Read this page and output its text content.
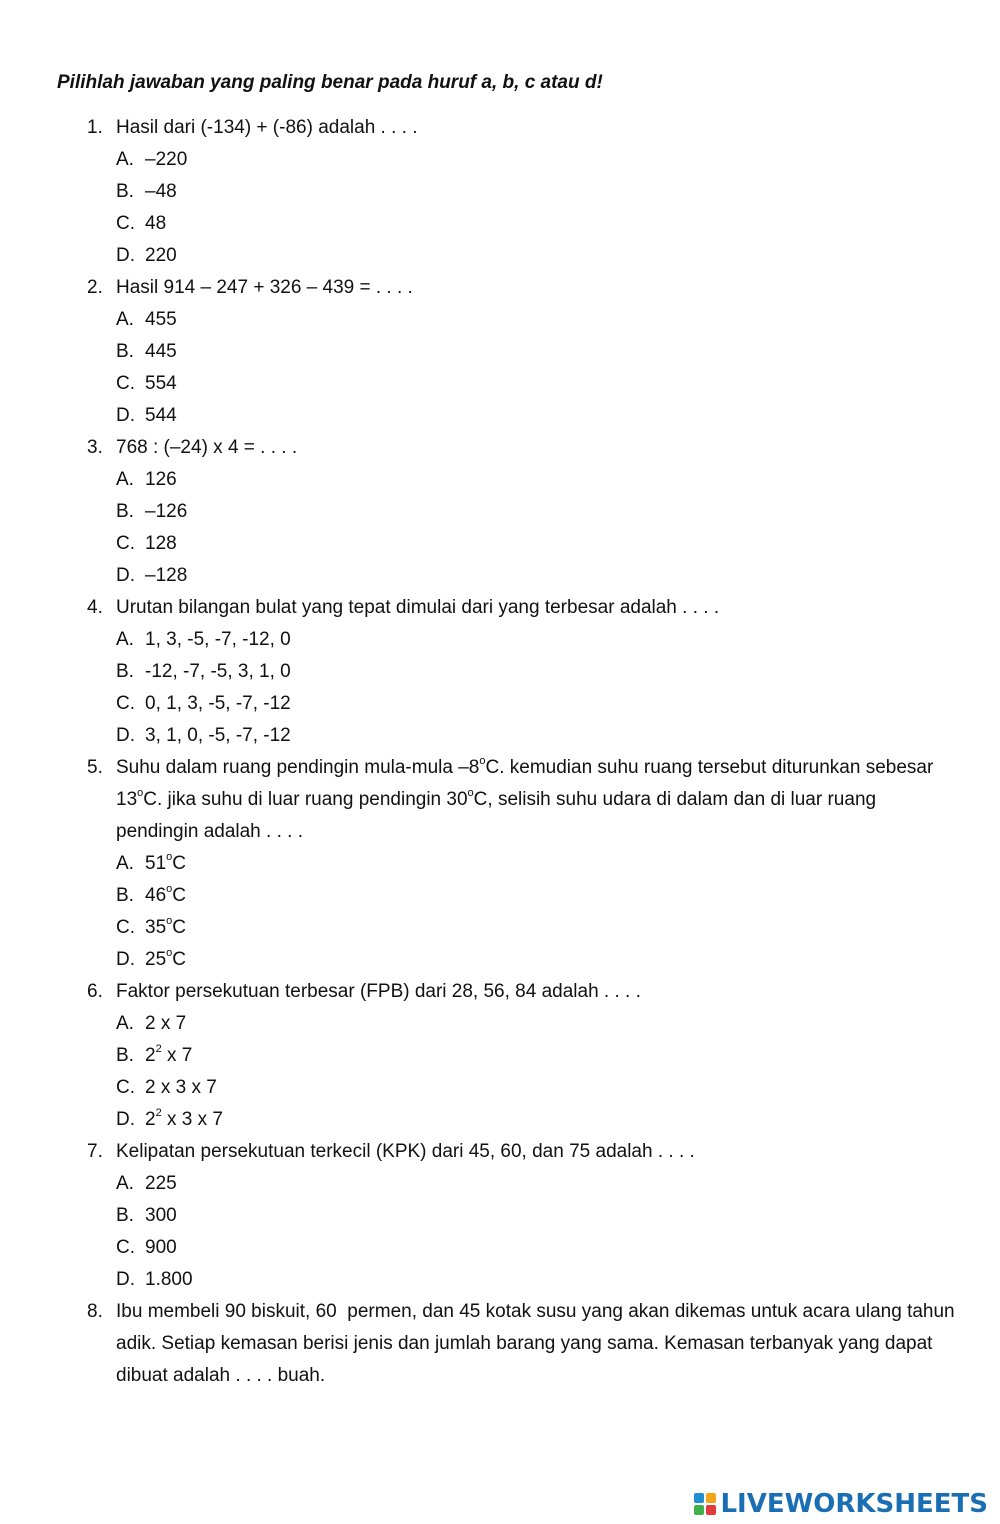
Pilihlah jawaban yang paling benar pada huruf a, b, c atau d!
1. Hasil dari (-134) + (-86) adalah . . . .
A. –220
B. –48
C. 48
D. 220
2. Hasil 914 – 247 + 326 – 439 = . . . .
A. 455
B. 445
C. 554
D. 544
3. 768 : (–24) x 4 = . . . .
A. 126
B. –126
C. 128
D. –128
4. Urutan bilangan bulat yang tepat dimulai dari yang terbesar adalah . . . .
A. 1, 3, -5, -7, -12, 0
B. -12, -7, -5, 3, 1, 0
C. 0, 1, 3, -5, -7, -12
D. 3, 1, 0, -5, -7, -12
5. Suhu dalam ruang pendingin mula-mula –8$^o$C. kemudian suhu ruang tersebut diturunkan sebesar 13$^o$C. jika suhu di luar ruang pendingin 30$^o$C, selisih suhu udara di dalam dan di luar ruang pendingin adalah . . . .
A. 51$^o$C
B. 46$^o$C
C. 35$^o$C
D. 25$^o$C
6. Faktor persekutuan terbesar (FPB) dari 28, 56, 84 adalah . . . .
A. 2 x 7
B. $2^2$ x 7
C. 2 x 3 x 7
D. $2^2$ x 3 x 7
7. Kelipatan persekutuan terkecil (KPK) dari 45, 60, dan 75 adalah . . . .
A. 225
B. 300
C. 900
D. 1.800
8. Ibu membeli 90 biskuit, 60  permen, dan 45 kotak susu yang akan dikemas untuk acara ulang tahun adik. Setiap kemasan berisi jenis dan jumlah barang yang sama. Kemasan terbanyak yang dapat dibuat adalah . . . . buah.
LIVEWORKSHEETS
